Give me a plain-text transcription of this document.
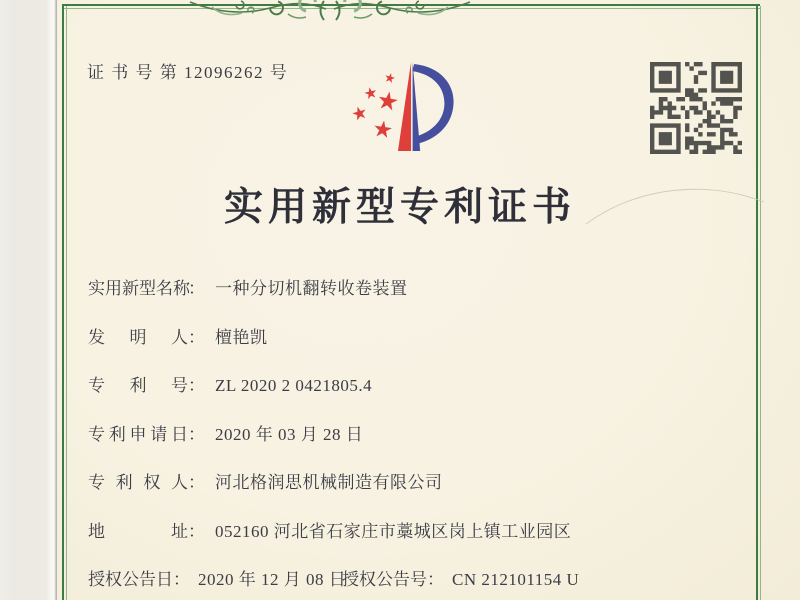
证 书 号 第 12096262 号
实用新型专利证书
实用新型名称： 一种分切机翻转收卷装置
发明人： 檀艳凯
专利号： ZL 2020 2 0421805.4
专利申请日： 2020 年 03 月 28 日
专利权人： 河北格润思机械制造有限公司
地址： 052160 河北省石家庄市藁城区岗上镇工业园区
授权公告日： 2020 年 12 月 08 日
授权公告号： CN 212101154 U
